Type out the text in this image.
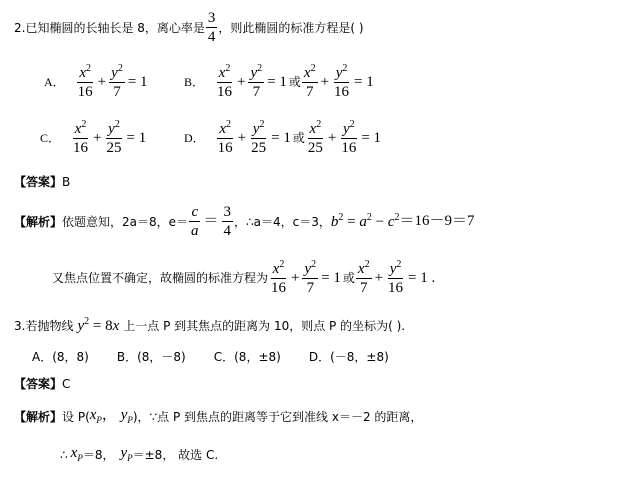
2. 已知椭圆的长轴长是 8，离心率是 $\frac{3}{4}$ ，则此椭圆的标准方程是( )
A． $\frac{x^2}{16} + \frac{y^2}{7} = 1$	B． $\frac{x^2}{16} + \frac{y^2}{7} = 1$ 或 $\frac{x^2}{7} + \frac{y^2}{16} = 1$
C． $\frac{x^2}{16} + \frac{y^2}{25} = 1$	D． $\frac{x^2}{16} + \frac{y^2}{25} = 1$ 或 $\frac{x^2}{25} + \frac{y^2}{16} = 1$
【答案】 B
【解析】 依题意知，2a＝8，$e= \frac{c}{a} = \frac{3}{4}$ ，∴a＝4，c＝3， $b^2 = a^2 - c^2 =16-9=7$
又焦点位置不确定，故椭圆的标准方程为 $\frac{x^2}{16} + \frac{y^2}{7} = 1$ 或 $\frac{x^2}{7} + \frac{y^2}{16} = 1$ .
3.若抛物线 $y^2 = 8x$ 上一点 P 到其焦点的距离为 10，则点 P 的坐标为( ).
A．(8，8) B．(8，－8) C．(8，±8) D．(－8，±8)
【答案】 C
【解析】 设 P( $x_P$， $y_P$ )，∵点 P 到焦点的距离等于它到准线 x＝－2 的距离，
∴ $x_P =8$， $y_P =\pm 8$， 故选 C.
